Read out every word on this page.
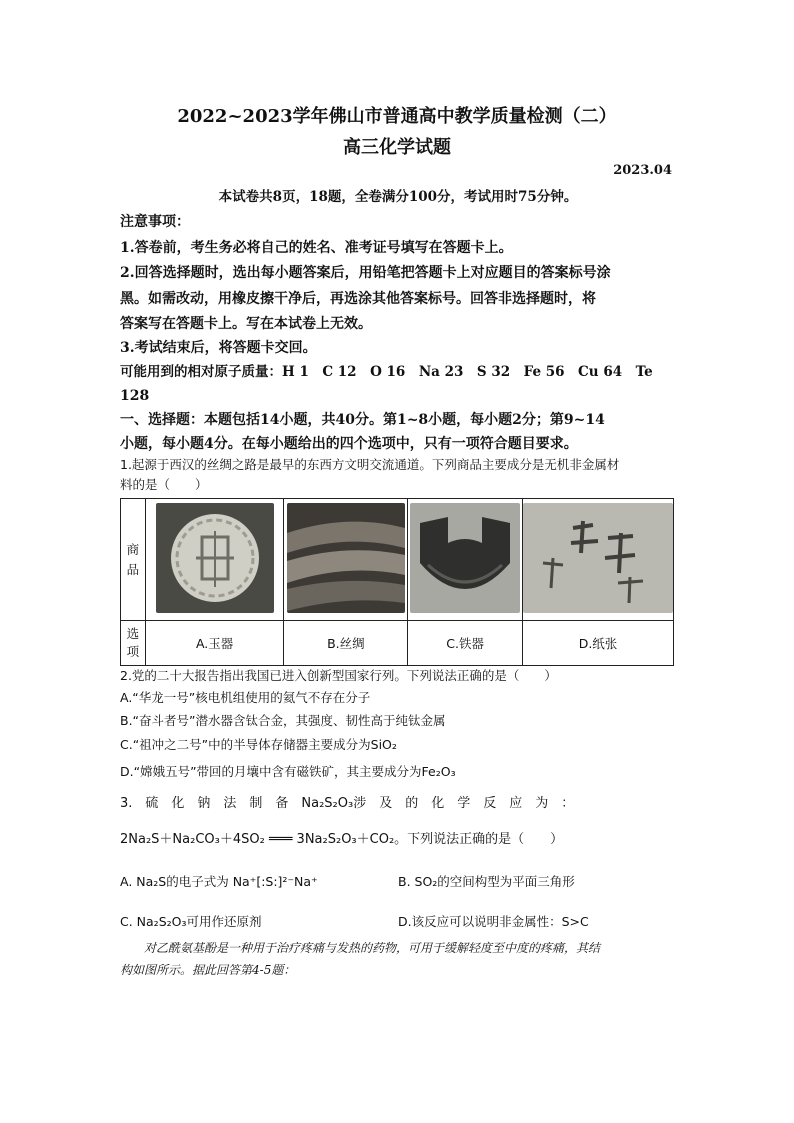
2022~2023学年佛山市普通高中教学质量检测（二）
高三化学试题
2023.04
本试卷共8页，18题，全卷满分100分，考试用时75分钟。
注意事项：
1.答卷前，考生务必将自己的姓名、准考证号填写在答题卡上。
2.回答选择题时，选出每小题答案后，用铅笔把答题卡上对应题目的答案标号涂
黑。如需改动，用橡皮擦干净后，再选涂其他答案标号。回答非选择题时，将
答案写在答题卡上。写在本试卷上无效。
3.考试结束后，将答题卡交回。
可能用到的相对原子质量：H 1　C 12　O 16　Na 23　S 32　Fe 56　Cu 64　Te
128
一、选择题：本题包括14小题，共40分。第1~8小题，每小题2分；第9~14
小题，每小题4分。在每小题给出的四个选项中，只有一项符合题目要求。
1.起源于西汉的丝绸之路是最早的东西方文明交流通道。下列商品主要成分是无机非金属材
料的是（　　）
商品				
选项	A.玉器	B.丝绸	C.铁器	D.纸张
2.党的二十大报告指出我国已进入创新型国家行列。下列说法正确的是（　　）
A.“华龙一号”核电机组使用的氦气不存在分子
B.“奋斗者号”潜水器含钛合金，其强度、韧性高于纯钛金属
C.“祖冲之二号”中的半导体存储器主要成分为SiO₂
D.“嫦娥五号”带回的月壤中含有磁铁矿，其主要成分为Fe₂O₃
3.　硫　化　钠　法　制　备　Na₂S₂O₃涉　及　的　化　学　反　应　为　：
2Na₂S＋Na₂CO₃＋4SO₂ ═══ 3Na₂S₂O₃＋CO₂。下列说法正确的是（　　）
A. Na₂S的电子式为 Na⁺[:S:]²⁻Na⁺	B. SO₂的空间构型为平面三角形
C. Na₂S₂O₃可用作还原剂	D.该反应可以说明非金属性：S>C
对乙酰氨基酚是一种用于治疗疼痛与发热的药物，可用于缓解轻度至中度的疼痛，其结
构如图所示。据此回答第4-5题：
